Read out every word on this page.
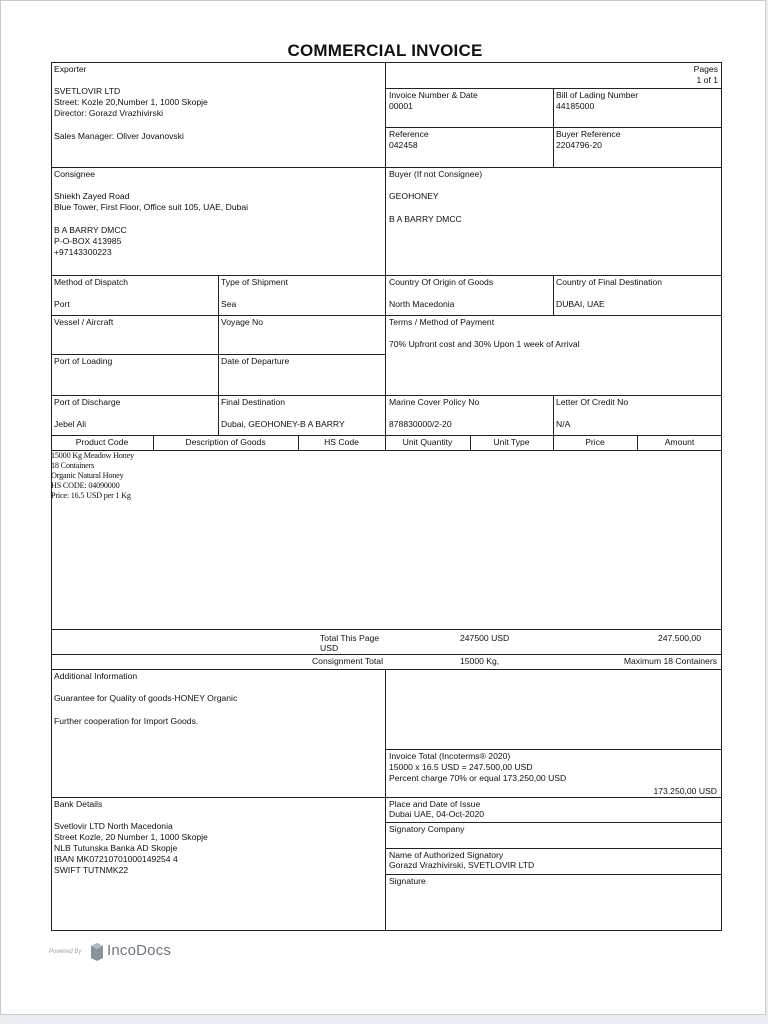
COMMERCIAL INVOICE
Exporter
SVETLOVIR LTD
Street: Kozle 20,Number 1, 1000 Skopje
Director: Gorazd Vrazhivirski
Sales Manager: Oliver Jovanovski
Pages
1 of 1
Invoice Number & Date
00001
Bill of Lading Number
44185000
Reference
042458
Buyer Reference
2204796-20
Consignee
Shiekh Zayed Road
Blue Tower, First Floor, Office suit 105, UAE, Dubai
B A BARRY DMCC
P-O-BOX 413985
+97143300223
Buyer (If not Consignee)
GEOHONEY
B A BARRY DMCC
Method of Dispatch
Port
Type of Shipment
Sea
Country Of Origin of Goods
North Macedonia
Country of Final Destination
DUBAI, UAE
Vessel / Aircraft	Voyage No	Terms / Method of Payment
70% Upfront cost and 30% Upon 1 week of Arrival
Port of Loading	Date of Departure
Port of Discharge
Jebel Ali
Final Destination
Dubai, GEOHONEY-B A BARRY
Marine Cover Policy No
878830000/2-20
Letter Of Credit No
N/A
Product Code	Description of Goods	HS Code	Unit Quantity	Unit Type	Price	Amount
15000 Kg Meadow Honey
18 Containers
Organic Natural Honey
HS CODE: 04090000
Price: 16.5 USD per 1 Kg
Total This Page
USD
247500 USD	247.500,00
Consignment Total	15000 Kg,	Maximum 18 Containers
Additional Information
Guarantee for Quality of goods-HONEY Organic
Further cooperation for Import Goods.
Invoice Total (Incoterms® 2020)
15000 x 16.5 USD = 247.500,00 USD
Percent charge 70% or equal 173.250,00 USD
173.250,00 USD
Bank Details
Svetlovir LTD North Macedonia
Street Kozle, 20 Number 1, 1000 Skopje
NLB Tutunska Banka AD Skopje
IBAN MK07210701000149254 4
SWIFT TUTNMK22
Place and Date of Issue
Dubai UAE, 04-Oct-2020
Signatory Company
Name of Authorized Signatory
Gorazd Vrazhivirski, SVETLOVIR LTD
Signature
Powered By IncoDocs
